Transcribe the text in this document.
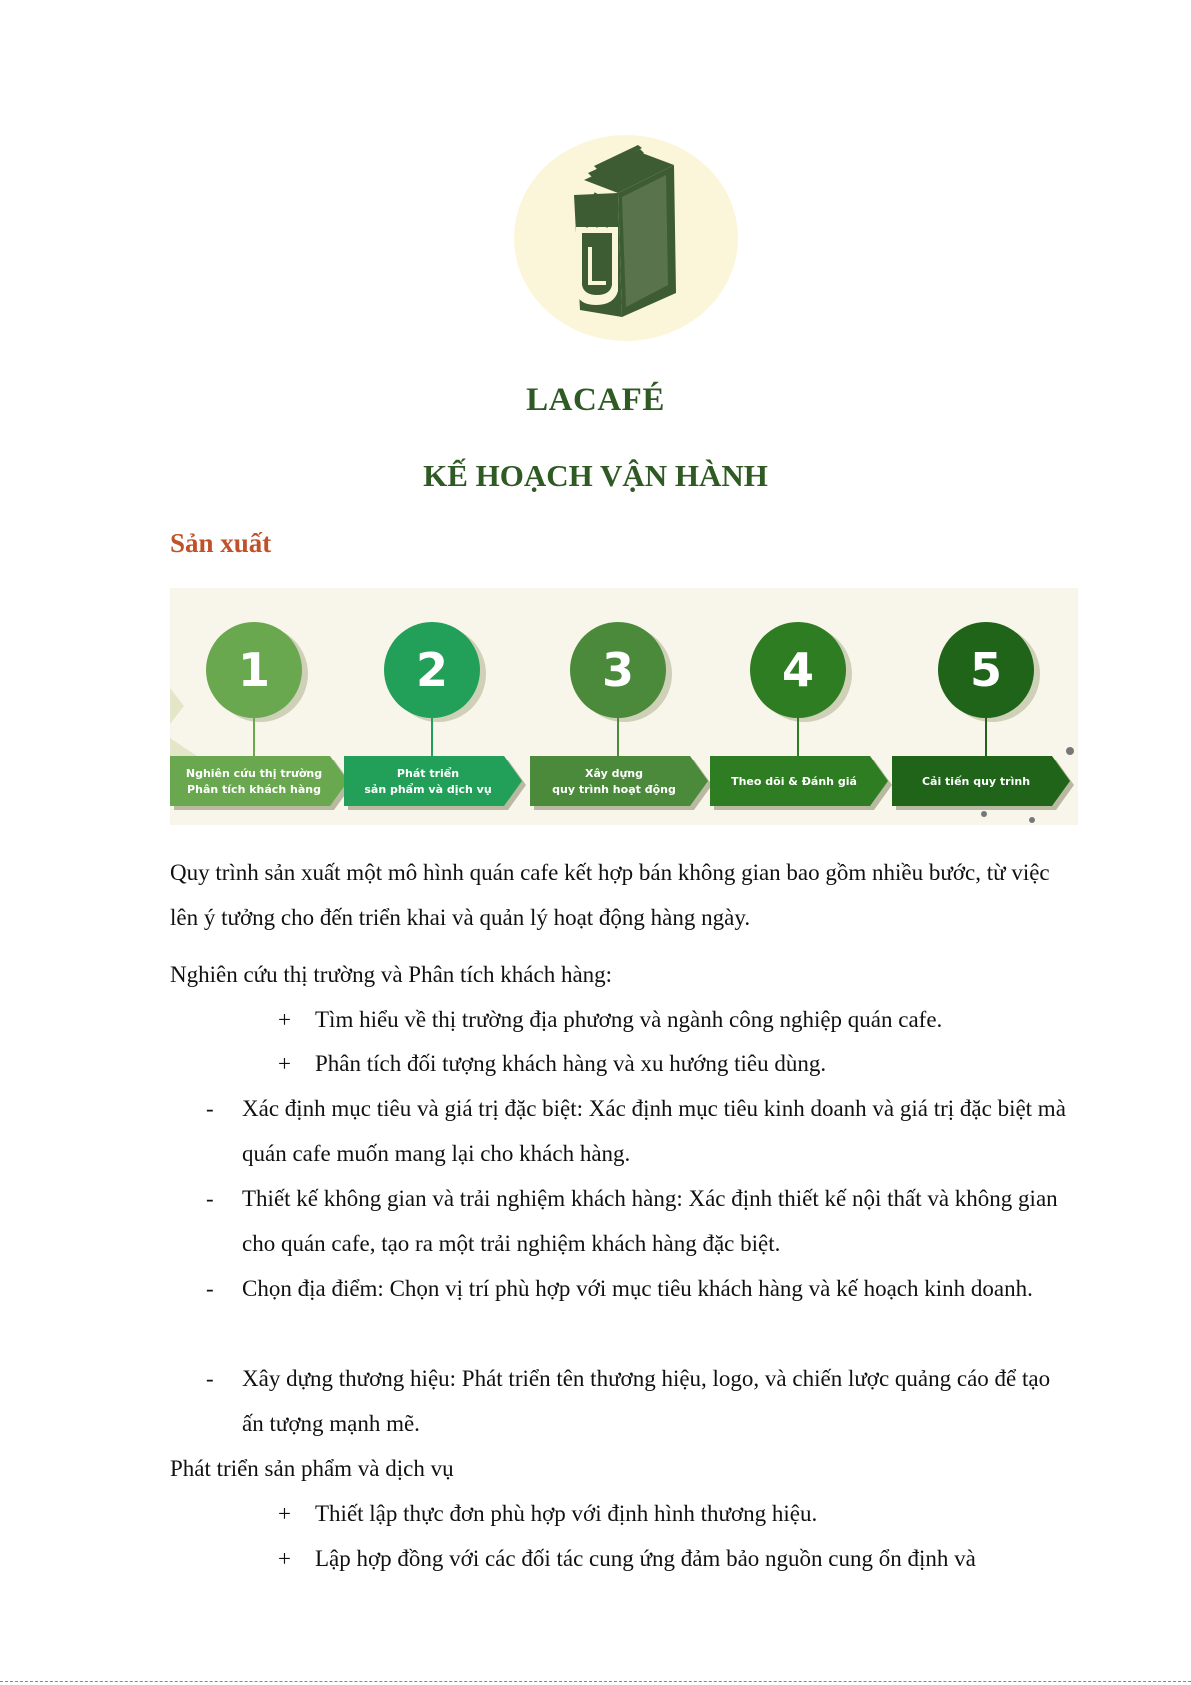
LACAFÉ
KẾ HOẠCH VẬN HÀNH
Sản xuất
1
Nghiên cứu thị trường
Phân tích khách hàng
2
Phát triển
sản phẩm và dịch vụ
3
Xây dựng
quy trình hoạt động
4
Theo dõi & Đánh giá
5
Cải tiến quy trình

Quy trình sản xuất một mô hình quán cafe kết hợp bán không gian bao gồm nhiều bước, từ việc lên ý tưởng cho đến triển khai và quản lý hoạt động hàng ngày.

Nghiên cứu thị trường và Phân tích khách hàng:

+ Tìm hiểu về thị trường địa phương và ngành công nghiệp quán cafe.
+ Phân tích đối tượng khách hàng và xu hướng tiêu dùng.
- Xác định mục tiêu và giá trị đặc biệt: Xác định mục tiêu kinh doanh và giá trị đặc biệt mà quán cafe muốn mang lại cho khách hàng.
- Thiết kế không gian và trải nghiệm khách hàng: Xác định thiết kế nội thất và không gian cho quán cafe, tạo ra một trải nghiệm khách hàng đặc biệt.
- Chọn địa điểm: Chọn vị trí phù hợp với mục tiêu khách hàng và kế hoạch kinh doanh.
- Xây dựng thương hiệu: Phát triển tên thương hiệu, logo, và chiến lược quảng cáo để tạo ấn tượng mạnh mẽ.

Phát triển sản phẩm và dịch vụ

+ Thiết lập thực đơn phù hợp với định hình thương hiệu.
+ Lập hợp đồng với các đối tác cung ứng đảm bảo nguồn cung ổn định và
